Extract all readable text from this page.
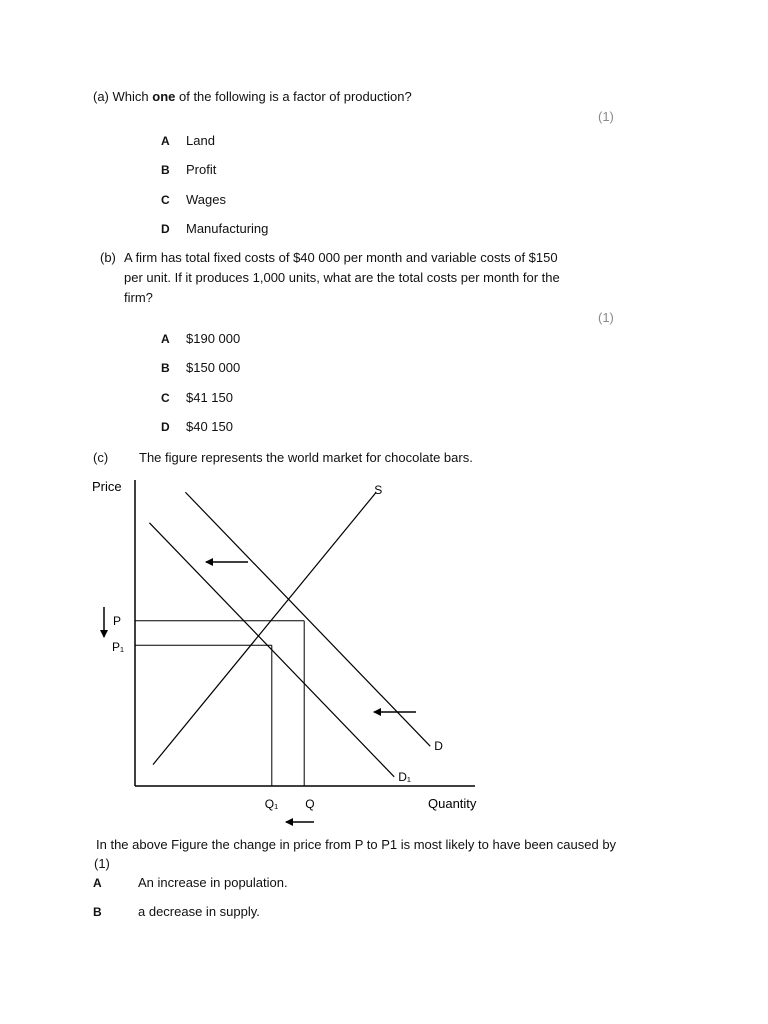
(a) Which one of the following is a factor of production?
(1)
A Land
B Profit
C Wages
D Manufacturing
(b) A firm has total fixed costs of $40 000 per month and variable costs of $150 per unit. If it produces 1,000 units, what are the total costs per month for the firm?
(1)
A $190 000
B $150 000
C $41 150
D $40 150
(c) The figure represents the world market for chocolate bars.
Price	S
D
D₁
P
P₁
Q
Q₁	Quantity
In the above Figure the change in price from P to P1 is most likely to have been caused by
(1)
A	An increase in population.
B	a decrease in supply.
